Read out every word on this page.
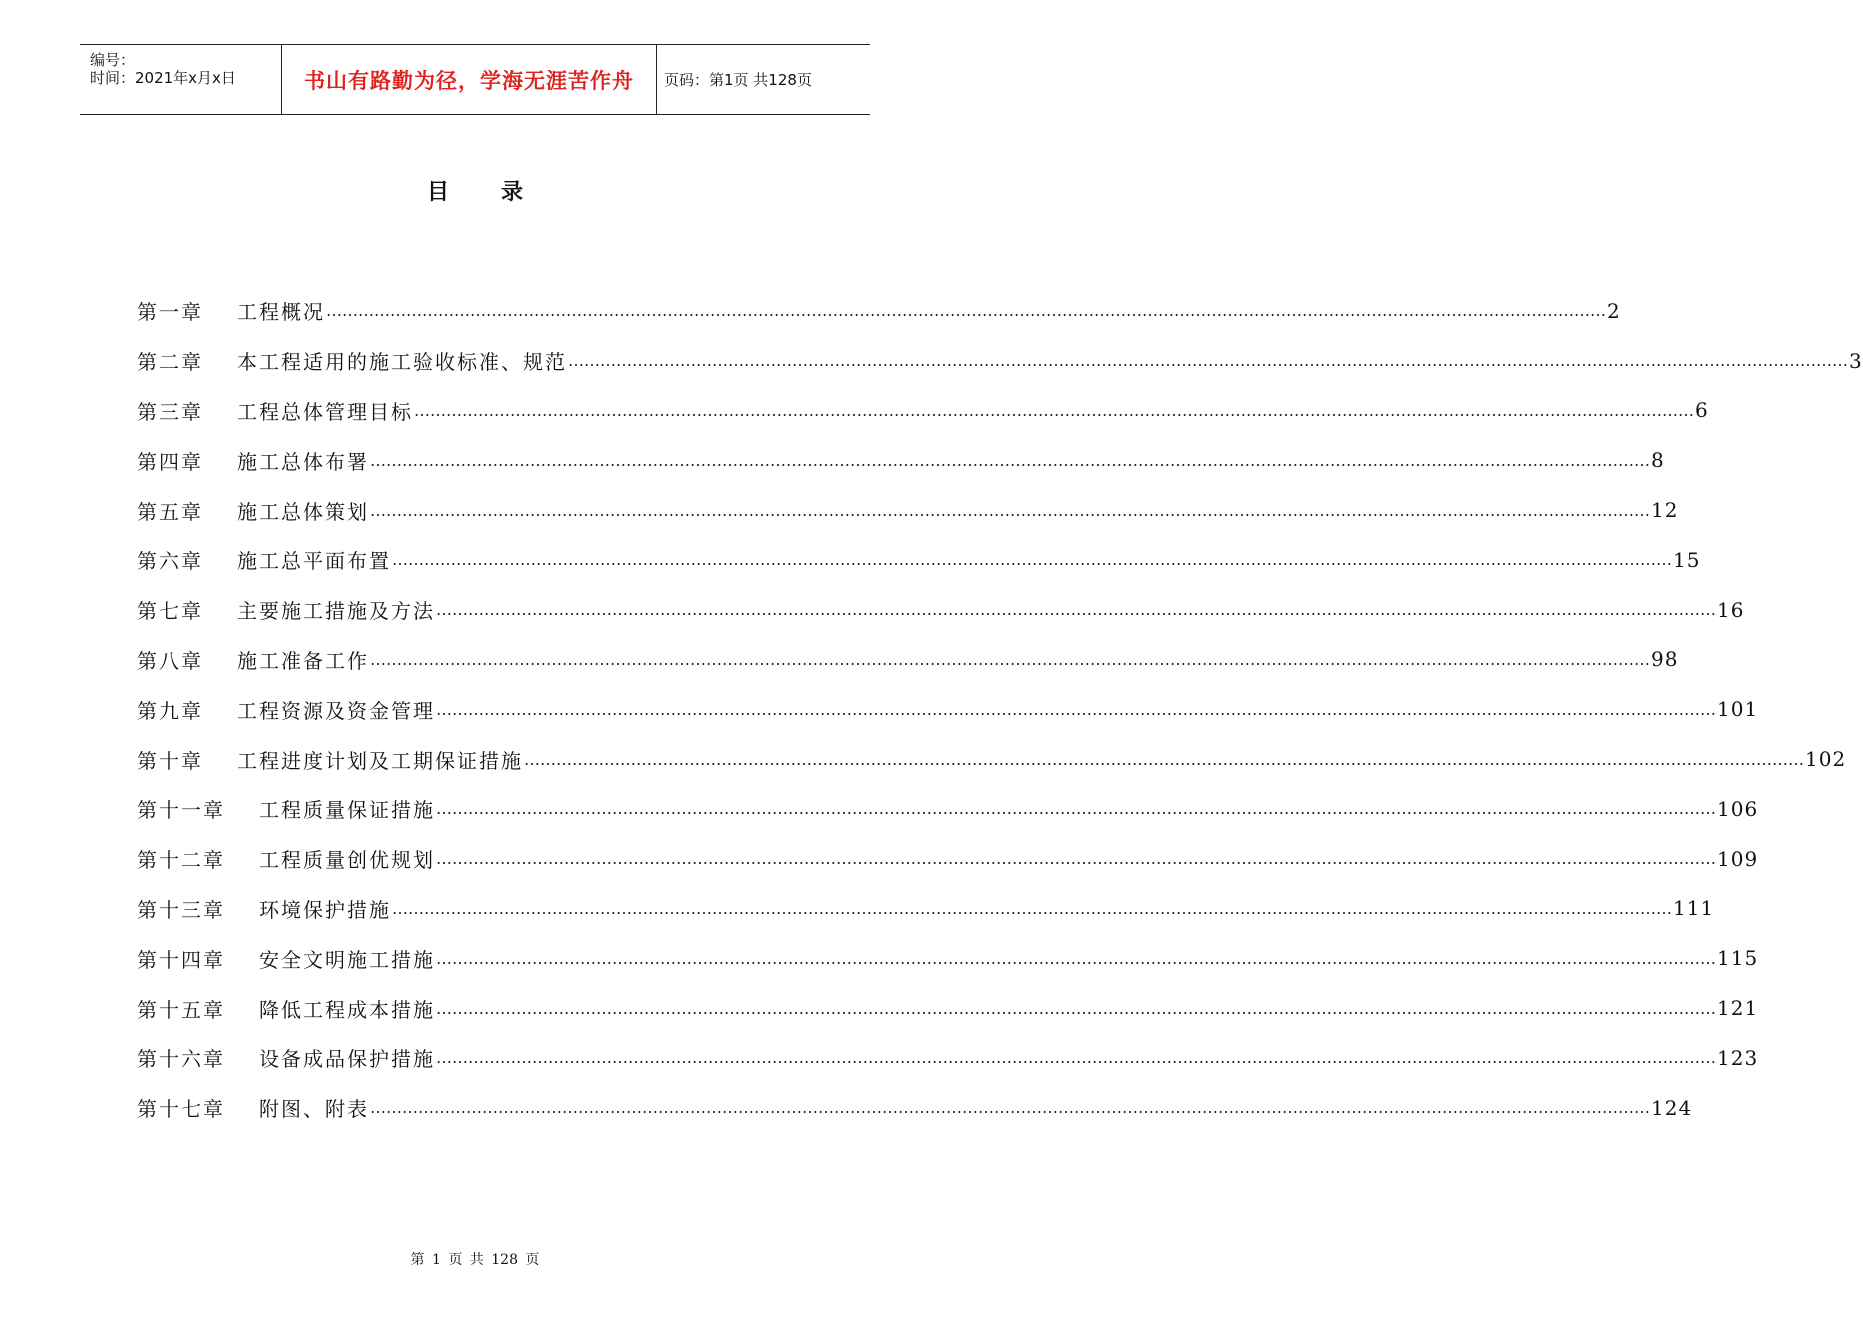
编号：
时间：2021年x月x日	书山有路勤为径，学海无涯苦作舟	页码：第1页 共128页
目录
第一章	工程概况 …………………………………………………………………………………………………………………………………………………………………………………………………………………… 2
第二章	本工程适用的施工验收标准、规范 …………………………………………………………………………………………………………………………………………………………………………………………………………………… 3
第三章	工程总体管理目标 …………………………………………………………………………………………………………………………………………………………………………………………………………………… 6
第四章	施工总体布署 …………………………………………………………………………………………………………………………………………………………………………………………………………………… 8
第五章	施工总体策划 …………………………………………………………………………………………………………………………………………………………………………………………………………………… 12
第六章	施工总平面布置 …………………………………………………………………………………………………………………………………………………………………………………………………………………… 15
第七章	主要施工措施及方法 …………………………………………………………………………………………………………………………………………………………………………………………………………………… 16
第八章	施工准备工作 …………………………………………………………………………………………………………………………………………………………………………………………………………………… 98
第九章	工程资源及资金管理 …………………………………………………………………………………………………………………………………………………………………………………………………………………… 101
第十章	工程进度计划及工期保证措施 …………………………………………………………………………………………………………………………………………………………………………………………………………………… 102
第十一章	工程质量保证措施 …………………………………………………………………………………………………………………………………………………………………………………………………………………… 106
第十二章	工程质量创优规划 …………………………………………………………………………………………………………………………………………………………………………………………………………………… 109
第十三章	环境保护措施 …………………………………………………………………………………………………………………………………………………………………………………………………………………… 111
第十四章	安全文明施工措施 …………………………………………………………………………………………………………………………………………………………………………………………………………………… 115
第十五章	降低工程成本措施 …………………………………………………………………………………………………………………………………………………………………………………………………………………… 121
第十六章	设备成品保护措施 …………………………………………………………………………………………………………………………………………………………………………………………………………………… 123
第十七章	附图、附表 …………………………………………………………………………………………………………………………………………………………………………………………………………………… 124
第 1 页 共 128 页
